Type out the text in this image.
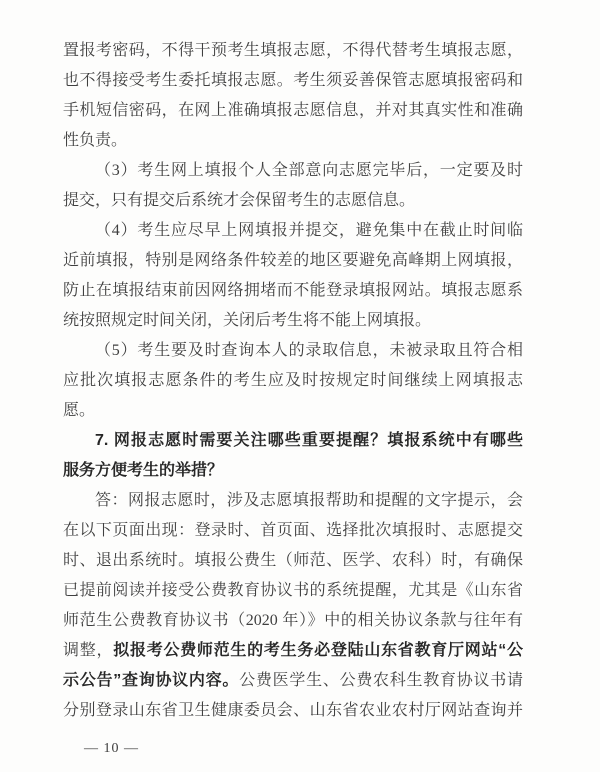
置报考密码，不得干预考生填报志愿，不得代替考生填报志愿，
也不得接受考生委托填报志愿。考生须妥善保管志愿填报密码和
手机短信密码，在网上准确填报志愿信息，并对其真实性和准确
性负责。
（3）考生网上填报个人全部意向志愿完毕后，一定要及时
提交，只有提交后系统才会保留考生的志愿信息。
（4）考生应尽早上网填报并提交，避免集中在截止时间临
近前填报，特别是网络条件较差的地区要避免高峰期上网填报，
防止在填报结束前因网络拥堵而不能登录填报网站。填报志愿系
统按照规定时间关闭，关闭后考生将不能上网填报。
（5）考生要及时查询本人的录取信息，未被录取且符合相
应批次填报志愿条件的考生应及时按规定时间继续上网填报志
愿。
7. 网报志愿时需要关注哪些重要提醒？填报系统中有哪些
服务方便考生的举措？
答：网报志愿时，涉及志愿填报帮助和提醒的文字提示，会
在以下页面出现：登录时、首页面、选择批次填报时、志愿提交
时、退出系统时。填报公费生（师范、医学、农科）时，有确保
已提前阅读并接受公费教育协议书的系统提醒，尤其是《山东省
师范生公费教育协议书（2020 年）》中的相关协议条款与往年有
调整，拟报考公费师范生的考生务必登陆山东省教育厅网站“公
示公告”查询协议内容。公费医学生、公费农科生教育协议书请
分别登录山东省卫生健康委员会、山东省农业农村厅网站查询并
— 10 —
